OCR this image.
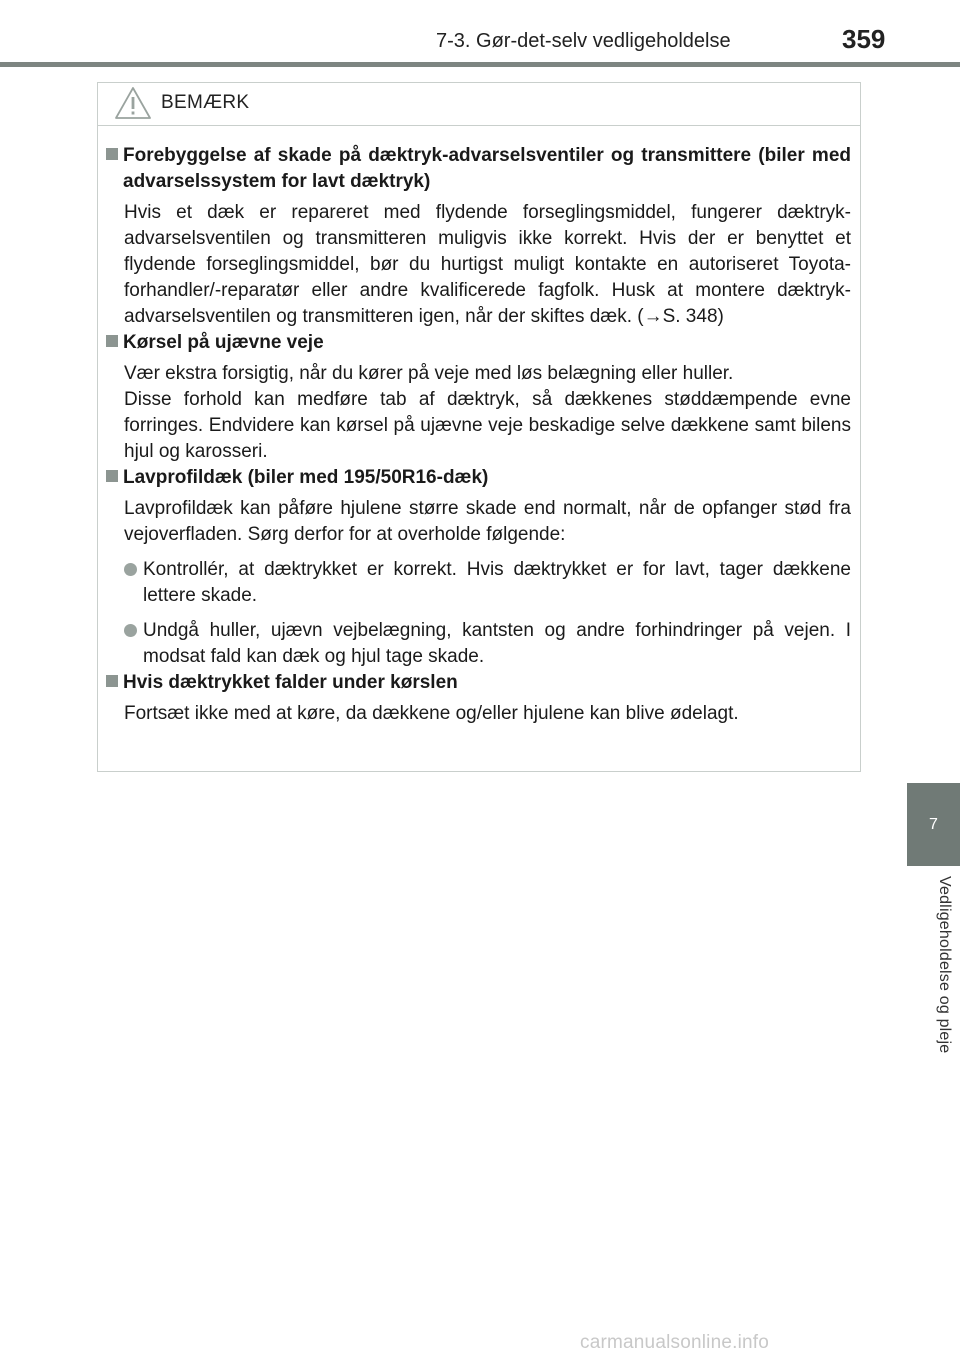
7-3. Gør-det-selv vedligeholdelse	359
7
Vedligeholdelse og pleje
BEMÆRK
Forebyggelse af skade på dæktryk-advarselsventiler og transmittere (biler med advarselssystem for lavt dæktryk)
Hvis et dæk er repareret med flydende forseglingsmiddel, fungerer dæktryk-advarselsventilen og transmitteren muligvis ikke korrekt. Hvis der er benyttet et flydende forseglingsmiddel, bør du hurtigst muligt kontakte en autoriseret Toyota-forhandler/-reparatør eller andre kvalificerede fagfolk. Husk at montere dæktryk-advarselsventilen og transmitteren igen, når der skiftes dæk. (→S. 348)
Kørsel på ujævne veje
Vær ekstra forsigtig, når du kører på veje med løs belægning eller huller.
Disse forhold kan medføre tab af dæktryk, så dækkenes støddæmpende evne forringes. Endvidere kan kørsel på ujævne veje beskadige selve dækkene samt bilens hjul og karosseri.
Lavprofildæk (biler med 195/50R16-dæk)
Lavprofildæk kan påføre hjulene større skade end normalt, når de opfanger stød fra vejoverfladen. Sørg derfor for at overholde følgende:
Kontrollér, at dæktrykket er korrekt. Hvis dæktrykket er for lavt, tager dækkene lettere skade.
Undgå huller, ujævn vejbelægning, kantsten og andre forhindringer på vejen. I modsat fald kan dæk og hjul tage skade.
Hvis dæktrykket falder under kørslen
Fortsæt ikke med at køre, da dækkene og/eller hjulene kan blive ødelagt.
carmanualsonline.info
